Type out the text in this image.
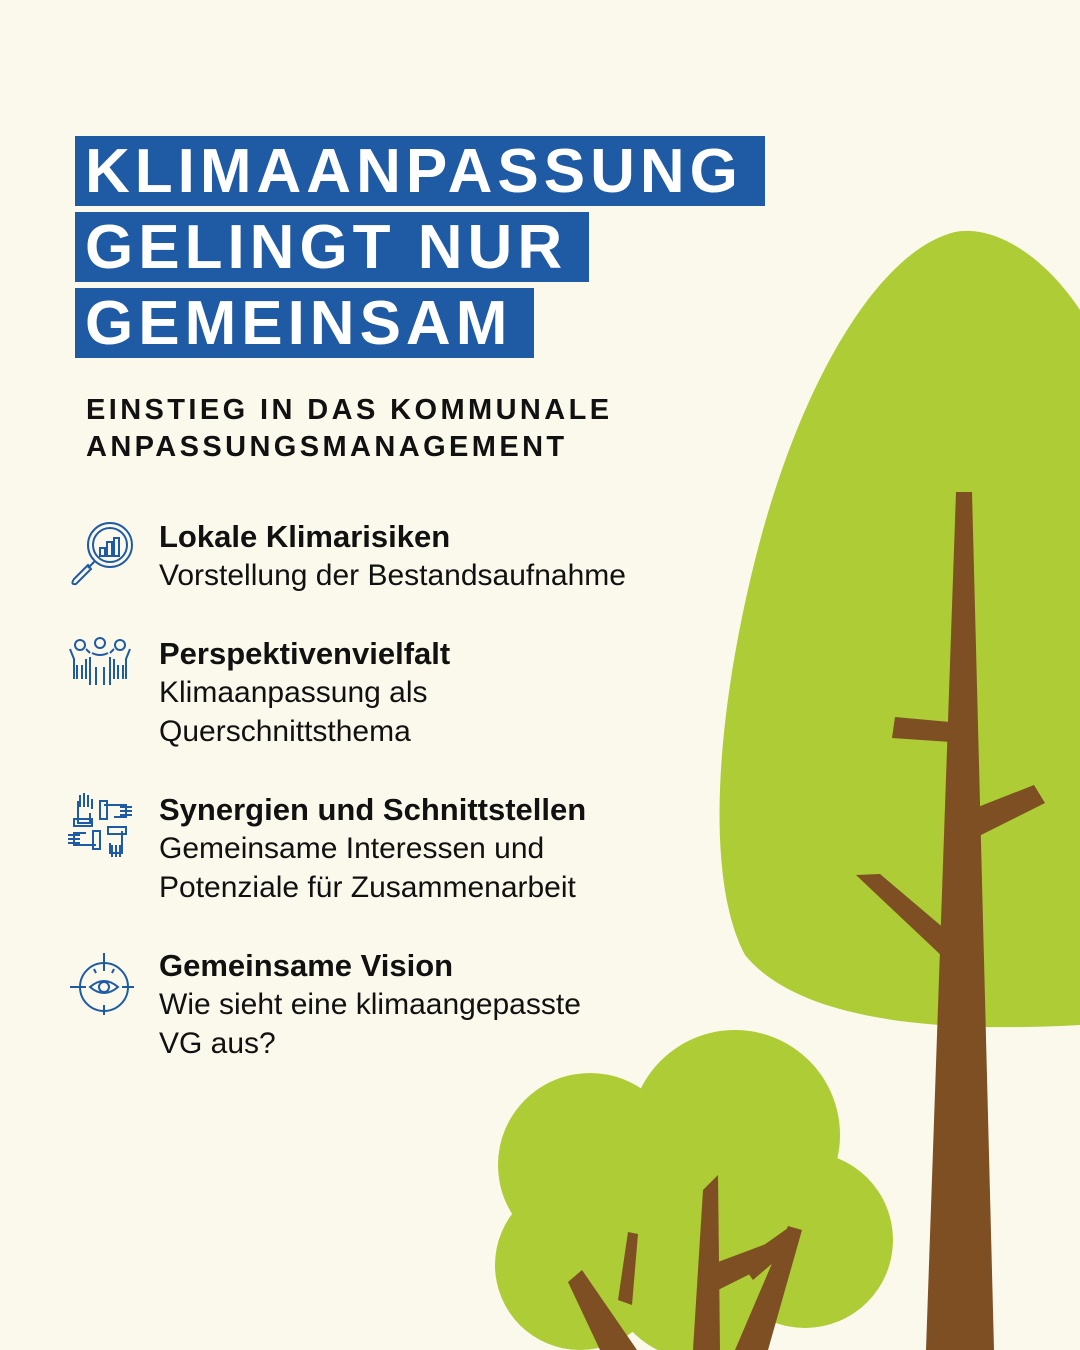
KLIMAANPASSUNG
GELINGT NUR
GEMEINSAM
EINSTIEG IN DAS KOMMUNALE
ANPASSUNGSMANAGEMENT
Lokale Klimarisiken
Vorstellung der Bestandsaufnahme
Perspektivenvielfalt
Klimaanpassung als
Querschnittsthema
Synergien und Schnittstellen
Gemeinsame Interessen und
Potenziale für Zusammenarbeit
Gemeinsame Vision
Wie sieht eine klimaangepasste
VG aus?
